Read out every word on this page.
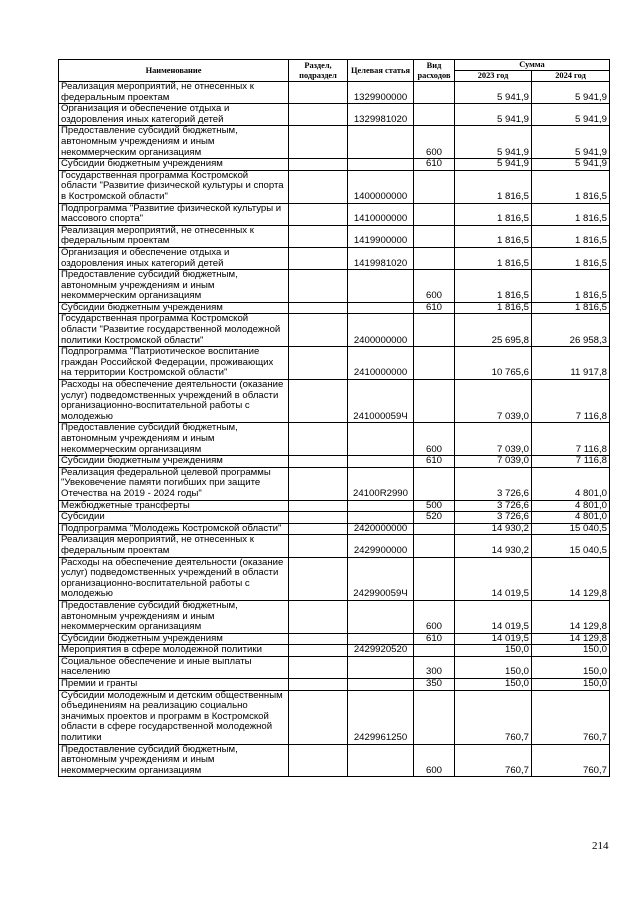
Наименование	Раздел, подраздел	Целевая статья	Вид расходов	Сумма	
				2023 год	2024 год
Реализация мероприятий, не отнесенных к федеральным проектам		1329900000		5 941,9	5 941,9
Организация и обеспечение отдыха и оздоровления иных категорий детей		1329981020		5 941,9	5 941,9
Предоставление субсидий бюджетным, автономным учреждениям и иным некоммерческим организациям			600	5 941,9	5 941,9
Субсидии бюджетным учреждениям			610	5 941,9	5 941,9
Государственная программа Костромской области "Развитие физической культуры и спорта в Костромской области"		1400000000		1 816,5	1 816,5
Подпрограмма "Развитие физической культуры и массового спорта"		1410000000		1 816,5	1 816,5
Реализация мероприятий, не отнесенных к федеральным проектам		1419900000		1 816,5	1 816,5
Организация и обеспечение отдыха и оздоровления иных категорий детей		1419981020		1 816,5	1 816,5
Предоставление субсидий бюджетным, автономным учреждениям и иным некоммерческим организациям			600	1 816,5	1 816,5
Субсидии бюджетным учреждениям			610	1 816,5	1 816,5
Государственная программа Костромской области "Развитие государственной молодежной политики Костромской области"		2400000000		25 695,8	26 958,3
Подпрограмма "Патриотическое воспитание граждан Российской Федерации, проживающих на территории Костромской области"		2410000000		10 765,6	11 917,8
Расходы на обеспечение деятельности (оказание услуг) подведомственных учреждений в области организационно-воспитательной работы с молодежью		241000059Ч		7 039,0	7 116,8
Предоставление субсидий бюджетным, автономным учреждениям и иным некоммерческим организациям			600	7 039,0	7 116,8
Субсидии бюджетным учреждениям			610	7 039,0	7 116,8
Реализация федеральной целевой программы "Увековечение памяти погибших при защите Отечества на 2019 - 2024 годы"		24100R2990		3 726,6	4 801,0
Межбюджетные трансферты			500	3 726,6	4 801,0
Субсидии			520	3 726,6	4 801,0
Подпрограмма "Молодежь Костромской области"		2420000000		14 930,2	15 040,5
Реализация мероприятий, не отнесенных к федеральным проектам		2429900000		14 930,2	15 040,5
Расходы на обеспечение деятельности (оказание услуг) подведомственных учреждений в области организационно-воспитательной работы с молодежью		242990059Ч		14 019,5	14 129,8
Предоставление субсидий бюджетным, автономным учреждениям и иным некоммерческим организациям			600	14 019,5	14 129,8
Субсидии бюджетным учреждениям			610	14 019,5	14 129,8
Мероприятия в сфере молодежной политики		2429920520		150,0	150,0
Социальное обеспечение и иные выплаты населению			300	150,0	150,0
Премии и гранты			350	150,0	150,0
Субсидии молодежным и детским общественным объединениям на реализацию социально значимых проектов и программ в Костромской области в сфере государственной молодежной политики		2429961250		760,7	760,7
Предоставление субсидий бюджетным, автономным учреждениям и иным некоммерческим организациям			600	760,7	760,7
214
